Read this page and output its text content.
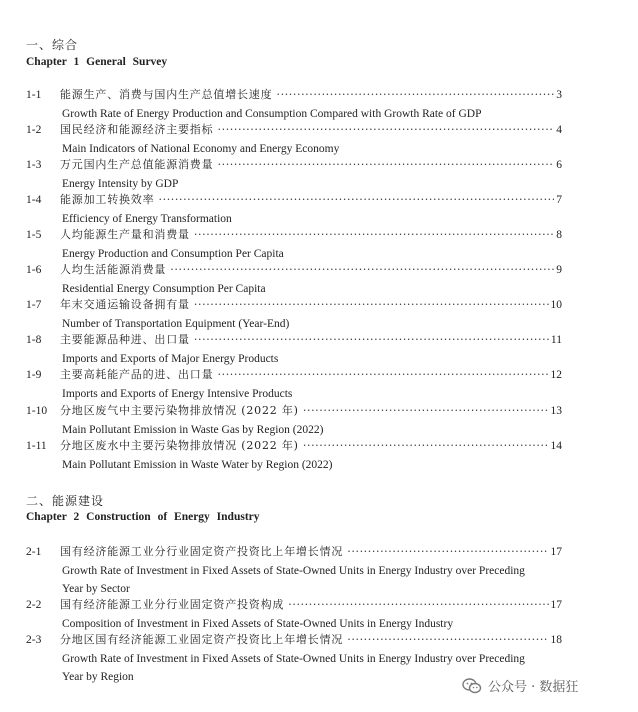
一、综合
Chapter 1 General Survey
1-1 能源生产、消费与国内生产总值增长速度 ·····	3
Growth Rate of Energy Production and Consumption Compared with Growth Rate of GDP
1-2 国民经济和能源经济主要指标 ·····	4
Main Indicators of National Economy and Energy Economy
1-3 万元国内生产总值能源消费量 ·····	6
Energy Intensity by GDP
1-4 能源加工转换效率 ·····	7
Efficiency of Energy Transformation
1-5 人均能源生产量和消费量 ·····	8
Energy Production and Consumption Per Capita
1-6 人均生活能源消费量 ·····	9
Residential Energy Consumption Per Capita
1-7 年末交通运输设备拥有量 ·····	10
Number of Transportation Equipment (Year-End)
1-8 主要能源品种进、出口量 ·····	11
Imports and Exports of Major Energy Products
1-9 主要高耗能产品的进、出口量 ·····	12
Imports and Exports of Energy Intensive Products
1-10 分地区废气中主要污染物排放情况 (2022 年) ·····	13
Main Pollutant Emission in Waste Gas by Region (2022)
1-11 分地区废水中主要污染物排放情况 (2022 年) ·····	14
Main Pollutant Emission in Waste Water by Region (2022)
二、能源建设
Chapter 2 Construction of Energy Industry
2-1 国有经济能源工业分行业固定资产投资比上年增长情况 ·····	17
Growth Rate of Investment in Fixed Assets of State-Owned Units in Energy Industry over Preceding Year by Sector
2-2 国有经济能源工业分行业固定资产投资构成 ·····	17
Composition of Investment in Fixed Assets of State-Owned Units in Energy Industry
2-3 分地区国有经济能源工业固定资产投资比上年增长情况 ·····	18
Growth Rate of Investment in Fixed Assets of State-Owned Units in Energy Industry over Preceding Year by Region
公众号 · 数据狂
